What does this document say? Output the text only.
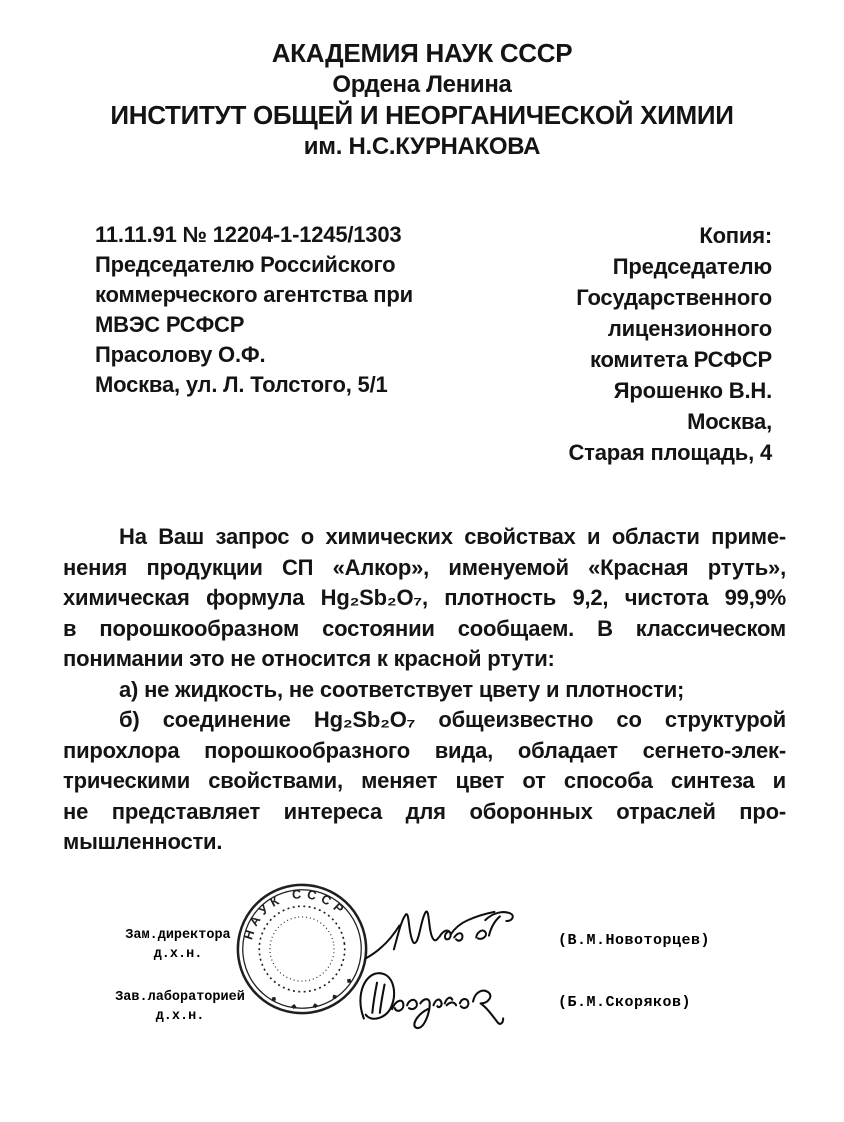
АКАДЕМИЯ НАУК СССР
Ордена Ленина
ИНСТИТУТ ОБЩЕЙ И НЕОРГАНИЧЕСКОЙ ХИМИИ
им. Н.С.КУРНАКОВА
11.11.91 № 12204-1-1245/1303
Председателю Российского
коммерческого агентства при
МВЭС РСФСР
Прасолову О.Ф.
Москва, ул. Л. Толстого, 5/1
Копия:
Председателю
Государственного
лицензионного
комитета РСФСР
Ярошенко В.Н.
Москва,
Старая площадь, 4
На Ваш запрос о химических свойствах и области приме-
нения продукции СП «Алкор», именуемой «Красная ртуть»,
химическая формула Hg₂Sb₂O₇, плотность 9,2, чистота 99,9%
в порошкообразном состоянии сообщаем. В классическом
понимании это не относится к красной ртути:
а) не жидкость, не соответствует цвету и плотности;
б) соединение Hg₂Sb₂O₇ общеизвестно со структурой
пирохлора порошкообразного вида, обладает сегнето-элек-
трическими свойствами, меняет цвет от способа синтеза и
не представляет интереса для оборонных отраслей про-
мышленности.
Зам.директора
д.х.н.
Зав.лабораторией
д.х.н.
НАУК СССР
◆ ◆ ◆ ◆ ◆
(В.М.Новоторцев)
(Б.М.Скоряков)
